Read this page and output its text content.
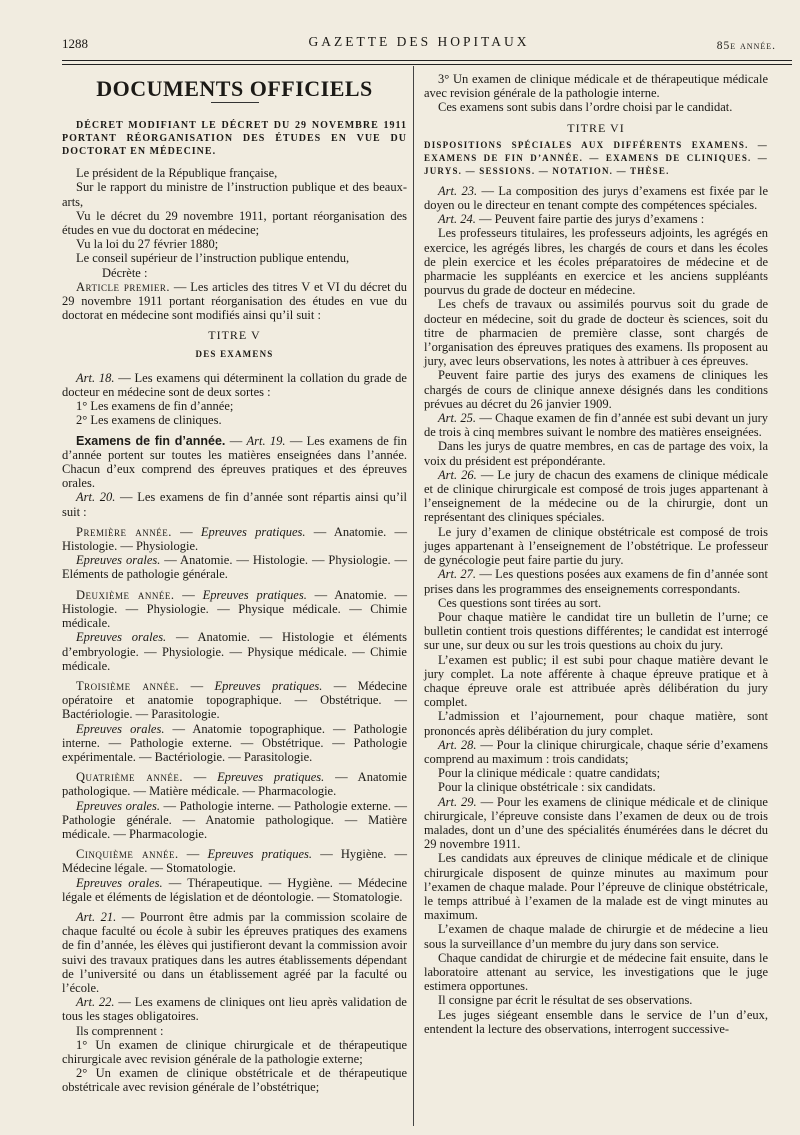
1288	GAZETTE DES HOPITAUX	85e année.
DOCUMENTS OFFICIELS
DÉCRET MODIFIANT LE DÉCRET DU 29 NOVEMBRE 1911 PORTANT RÉORGANISATION DES ÉTUDES EN VUE DU DOCTORAT EN MÉDECINE.

Le président de la République française,

Sur le rapport du ministre de l’instruction publique et des beaux-arts,

Vu le décret du 29 novembre 1911, portant réorganisation des études en vue du doctorat en médecine;

Vu la loi du 27 février 1880;

Le conseil supérieur de l’instruction publique entendu,

Décrète :

Article premier. — Les articles des titres V et VI du décret du 29 novembre 1911 portant réorganisation des études en vue du doctorat en médecine sont modifiés ainsi qu’il suit :

TITRE V
DES EXAMENS

Art. 18. — Les examens qui déterminent la collation du grade de docteur en médecine sont de deux sortes :

1° Les examens de fin d’année;

2° Les examens de cliniques.

Examens de fin d’année. — Art. 19. — Les examens de fin d’année portent sur toutes les matières enseignées dans l’année. Chacun d’eux comprend des épreuves pratiques et des épreuves orales.

Art. 20. — Les examens de fin d’année sont répartis ainsi qu’il suit :

Première année. — Epreuves pratiques. — Anatomie. — Histologie. — Physiologie.

Epreuves orales. — Anatomie. — Histologie. — Physiologie. — Eléments de pathologie générale.

Deuxième année. — Epreuves pratiques. — Anatomie. — Histologie. — Physiologie. — Physique médicale. — Chimie médicale.

Epreuves orales. — Anatomie. — Histologie et éléments d’embryologie. — Physiologie. — Physique médicale. — Chimie médicale.

Troisième année. — Epreuves pratiques. — Médecine opératoire et anatomie topographique. — Obstétrique. — Bactériologie. — Parasitologie.

Epreuves orales. — Anatomie topographique. — Pathologie interne. — Pathologie externe. — Obstétrique. — Pathologie expérimentale. — Bactériologie. — Parasitologie.

Quatrième année. — Epreuves pratiques. — Anatomie pathologique. — Matière médicale. — Pharmacologie.

Epreuves orales. — Pathologie interne. — Pathologie externe. — Pathologie générale. — Anatomie pathologique. — Matière médicale. — Pharmacologie.

Cinquième année. — Epreuves pratiques. — Hygiène. — Médecine légale. — Stomatologie.

Epreuves orales. — Thérapeutique. — Hygiène. — Médecine légale et éléments de législation et de déontologie. — Stomatologie.

Art. 21. — Pourront être admis par la commission scolaire de chaque faculté ou école à subir les épreuves pratiques des examens de fin d’année, les élèves qui justifieront devant la commission avoir suivi des travaux pratiques dans les autres établissements dépendant de l’université ou dans un établissement agréé par la faculté ou l’école.

Art. 22. — Les examens de cliniques ont lieu après validation de tous les stages obligatoires.

Ils comprennent :

1° Un examen de clinique chirurgicale et de thérapeutique chirurgicale avec revision générale de la pathologie externe;

2° Un examen de clinique obstétricale et de thérapeutique obstétricale avec revision générale de l’obstétrique;

3° Un examen de clinique médicale et de thérapeutique médicale avec revision générale de la pathologie interne.

Ces examens sont subis dans l’ordre choisi par le candidat.

TITRE VI
DISPOSITIONS SPÉCIALES AUX DIFFÉRENTS EXAMENS. — EXAMENS DE FIN D’ANNÉE. — EXAMENS DE CLINIQUES. — JURYS. — SESSIONS. — NOTATION. — THÈSE.

Art. 23. — La composition des jurys d’examens est fixée par le doyen ou le directeur en tenant compte des compétences spéciales.

Art. 24. — Peuvent faire partie des jurys d’examens :

Les professeurs titulaires, les professeurs adjoints, les agrégés en exercice, les agrégés libres, les chargés de cours et dans les écoles de plein exercice et les écoles préparatoires de médecine et de pharmacie les suppléants en exercice et les anciens suppléants pourvus du grade de docteur en médecine.

Les chefs de travaux ou assimilés pourvus soit du grade de docteur en médecine, soit du grade de docteur ès sciences, soit du titre de pharmacien de première classe, sont chargés de l’organisation des épreuves pratiques des examens. Ils proposent au jury, avec leurs observations, les notes à attribuer à ces épreuves.

Peuvent faire partie des jurys des examens de cliniques les chargés de cours de clinique annexe désignés dans les conditions prévues au décret du 26 janvier 1909.

Art. 25. — Chaque examen de fin d’année est subi devant un jury de trois à cinq membres suivant le nombre des matières enseignées.

Dans les jurys de quatre membres, en cas de partage des voix, la voix du président est prépondérante.

Art. 26. — Le jury de chacun des examens de clinique médicale et de clinique chirurgicale est composé de trois juges appartenant à l’enseignement de la médecine ou de la chirurgie, dont un représentant des cliniques spéciales.

Le jury d’examen de clinique obstétricale est composé de trois juges appartenant à l’enseignement de l’obstétrique. Le professeur de gynécologie peut faire partie du jury.

Art. 27. — Les questions posées aux examens de fin d’année sont prises dans les programmes des enseignements correspondants.

Ces questions sont tirées au sort.

Pour chaque matière le candidat tire un bulletin de l’urne; ce bulletin contient trois questions différentes; le candidat est interrogé sur une, sur deux ou sur les trois questions au choix du jury.

L’examen est public; il est subi pour chaque matière devant le jury complet. La note afférente à chaque épreuve pratique et à chaque épreuve orale est attribuée après délibération du jury complet.

L’admission et l’ajournement, pour chaque matière, sont prononcés après délibération du jury complet.

Art. 28. — Pour la clinique chirurgicale, chaque série d’examens comprend au maximum : trois candidats;

Pour la clinique médicale : quatre candidats;

Pour la clinique obstétricale : six candidats.

Art. 29. — Pour les examens de clinique médicale et de clinique chirurgicale, l’épreuve consiste dans l’examen de deux ou de trois malades, dont un d’une des spécialités énumérées dans le décret du 29 novembre 1911.

Les candidats aux épreuves de clinique médicale et de clinique chirurgicale disposent de quinze minutes au maximum pour l’examen de chaque malade. Pour l’épreuve de clinique obstétricale, le temps attribué à l’examen de la malade est de vingt minutes au maximum.

L’examen de chaque malade de chirurgie et de médecine a lieu sous la surveillance d’un membre du jury dans son service.

Chaque candidat de chirurgie et de médecine fait ensuite, dans le laboratoire attenant au service, les investigations que le juge estimera opportunes.

Il consigne par écrit le résultat de ses observations.

Les juges siégeant ensemble dans le service de l’un d’eux, entendent la lecture des observations, interrogent successive-
